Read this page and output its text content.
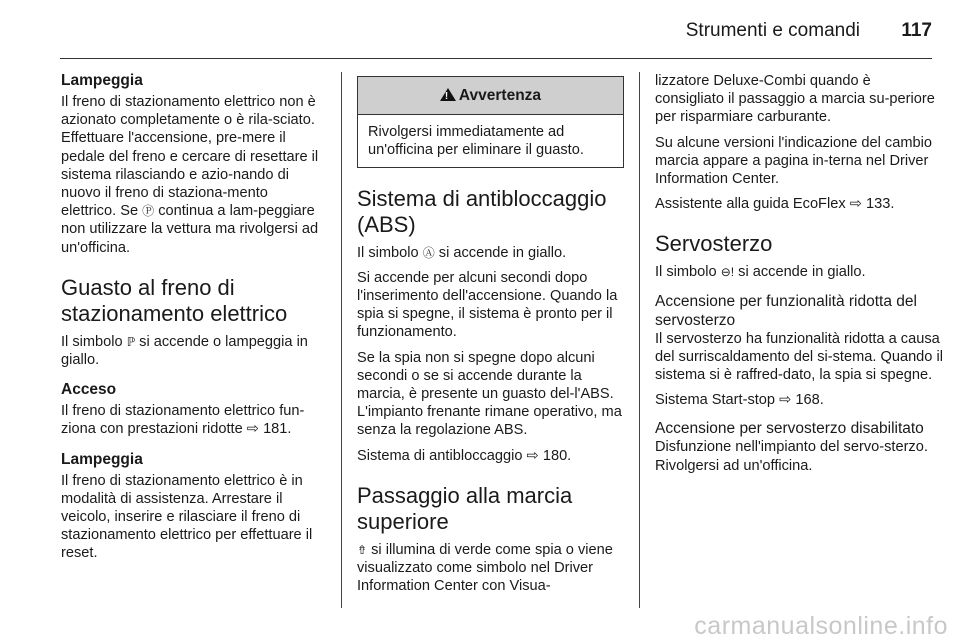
Strumenti e comandi	117
Lampeggia

Il freno di stazionamento elettrico non è azionato completamente o è rila-sciato. Effettuare l'accensione, pre-mere il pedale del freno e cercare di resettare il sistema rilasciando e azio-nando di nuovo il freno di staziona-mento elettrico. Se Ⓟ continua a lam-peggiare non utilizzare la vettura ma rivolgersi ad un'officina.

Guasto al freno di stazionamento elettrico

Il simbolo ℙ si accende o lampeggia in giallo.

Acceso

Il freno di stazionamento elettrico fun-ziona con prestazioni ridotte ⇨ 181.

Lampeggia

Il freno di stazionamento elettrico è in modalità di assistenza. Arrestare il veicolo, inserire e rilasciare il freno di stazionamento elettrico per effettuare il reset.

!Avvertenza
Rivolgersi immediatamente ad un'officina per eliminare il guasto.
Sistema di antibloccaggio (ABS)

Il simbolo Ⓐ si accende in giallo.

Si accende per alcuni secondi dopo l'inserimento dell'accensione. Quando la spia si spegne, il sistema è pronto per il funzionamento.

Se la spia non si spegne dopo alcuni secondi o se si accende durante la marcia, è presente un guasto del-l'ABS. L'impianto frenante rimane operativo, ma senza la regolazione ABS.

Sistema di antibloccaggio ⇨ 180.

Passaggio alla marcia superiore

⇮ si illumina di verde come spia o viene visualizzato come simbolo nel Driver Information Center con Visua-

lizzatore Deluxe-Combi quando è consigliato il passaggio a marcia su-periore per risparmiare carburante.

Su alcune versioni l'indicazione del cambio marcia appare a pagina in-terna nel Driver Information Center.

Assistente alla guida EcoFlex ⇨ 133.

Servosterzo

Il simbolo ⊖! si accende in giallo.

Accensione per funzionalità ridotta del servosterzo

Il servosterzo ha funzionalità ridotta a causa del surriscaldamento del si-stema. Quando il sistema si è raffred-dato, la spia si spegne.

Sistema Start-stop ⇨ 168.

Accensione per servosterzo disabilitato

Disfunzione nell'impianto del servo-sterzo. Rivolgersi ad un'officina.

carmanualsonline.info
